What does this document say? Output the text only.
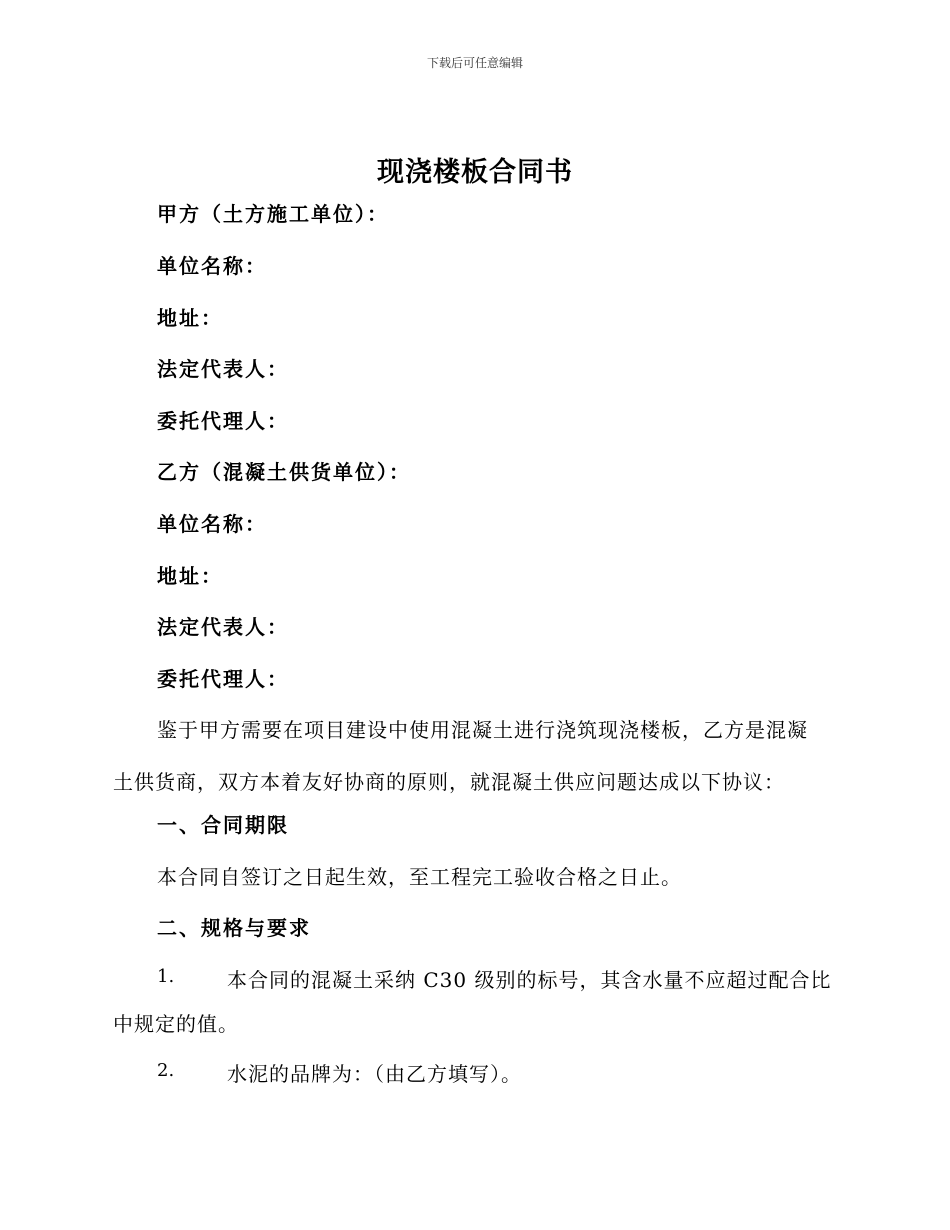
下载后可任意编辑
现浇楼板合同书
甲方（土方施工单位）：
单位名称：
地址：
法定代表人：
委托代理人：
乙方（混凝土供货单位）：
单位名称：
地址：
法定代表人：
委托代理人：
鉴于甲方需要在项目建设中使用混凝土进行浇筑现浇楼板，乙方是混凝
土供货商，双方本着友好协商的原则，就混凝土供应问题达成以下协议：
一、合同期限
本合同自签订之日起生效，至工程完工验收合格之日止。
二、规格与要求
1.	本合同的混凝土采纳 C30 级别的标号，其含水量不应超过配合比
中规定的值。
2.	水泥的品牌为：（由乙方填写）。
